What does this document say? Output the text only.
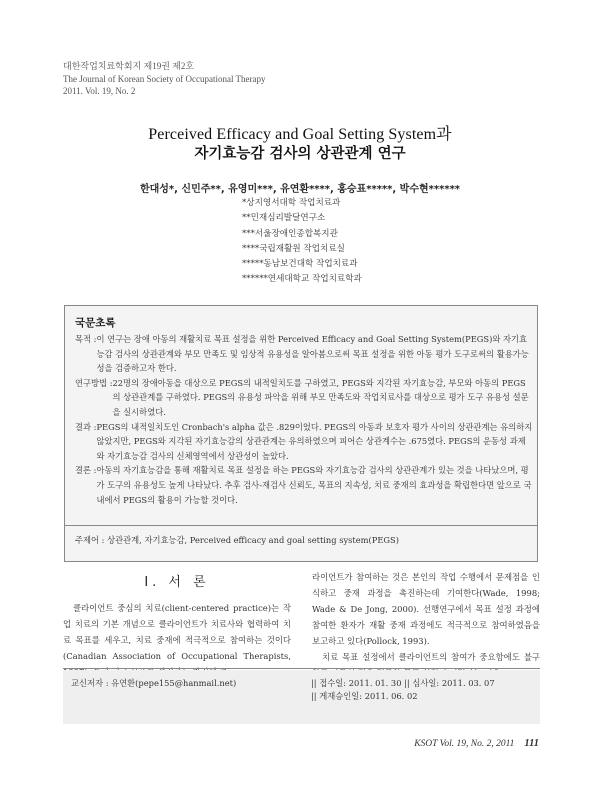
대한작업치료학회지 제19권 제2호
The Journal of Korean Society of Occupational Therapy
2011. Vol. 19, No. 2
Perceived Efficacy and Goal Setting System과
자기효능감 검사의 상관관계 연구
한대성*, 신민주**, 유영미***, 유연환****, 홍승표*****, 박수현******
*상지영서대학 작업치료과
**민재심리발달연구소
***서울장애인종합복지관
****국립재활원 작업치료실
*****동남보건대학 작업치료과
******연세대학교 작업치료학과
국문초록
목적 : 이 연구는 장애 아동의 재활치료 목표 설정을 위한 Perceived Efficacy and Goal Setting System(PEGS)와 자기효능감 검사의 상관관계와 부모 만족도 및 임상적 유용성을 알아봄으로써 목표 설정을 위한 아동 평가 도구로써의 활용가능성을 검증하고자 한다.
연구방법 : 22명의 장애아동을 대상으로 PEGS의 내적일치도를 구하였고, PEGS와 지각된 자기효능감, 부모와 아동의 PEGS의 상관관계를 구하였다. PEGS의 유용성 파악을 위해 부모 만족도와 작업치료사를 대상으로 평가 도구 유용성 설문을 실시하였다.
결과 : PEGS의 내적일치도인 Cronbach's alpha 값은 .829이었다. PEGS의 아동과 보호자 평가 사이의 상관관계는 유의하지 않았지만, PEGS와 지각된 자기효능감의 상관관계는 유의하였으며 피어슨 상관계수는 .675였다. PEGS의 운동성 과제와 자기효능감 검사의 신체영역에서 상관성이 높았다.
결론 : 아동의 자기효능감을 통해 재활치료 목표 설정을 하는 PEGS와 자기효능감 검사의 상관관계가 있는 것을 나타났으며, 평가 도구의 유용성도 높게 나타났다. 추후 검사-재검사 신뢰도, 목표의 지속성, 치료 중재의 효과성을 확립한다면 앞으로 국내에서 PEGS의 활용이 가능할 것이다.
주제어 : 상관관계, 자기효능감, Perceived efficacy and goal setting system(PEGS)
Ⅰ. 서 론

클라이언트 중심의 치료(client-centered practice)는 작업 치료의 기본 개념으로 클라이언트가 치료사와 협력하여 치료 목표를 세우고, 치료 중재에 적극적으로 참여하는 것이다(Canadian Association of Occupational Therapists,

라이언트가 참여하는 것은 본인의 작업 수행에서 문제점을 인식하고 중재 과정을 촉진하는데 기여한다(Wade, 1998; Wade & De Jong, 2000). 선행연구에서 목표 설정 과정에 참여한 환자가 재활 중재 과정에도 적극적으로 참여하였음을 보고하고 있다(Pollock, 1993).

치료 목표 설정에서 클라이언트의 참여가 중요함에도 불구

교신저자 : 유연환(pepe155@hanmail.net)	|| 접수일: 2011. 01. 30 || 심사일: 2011. 03. 07
|| 게재승인일: 2011. 06. 02
KSOT Vol. 19, No. 2, 2011 111
